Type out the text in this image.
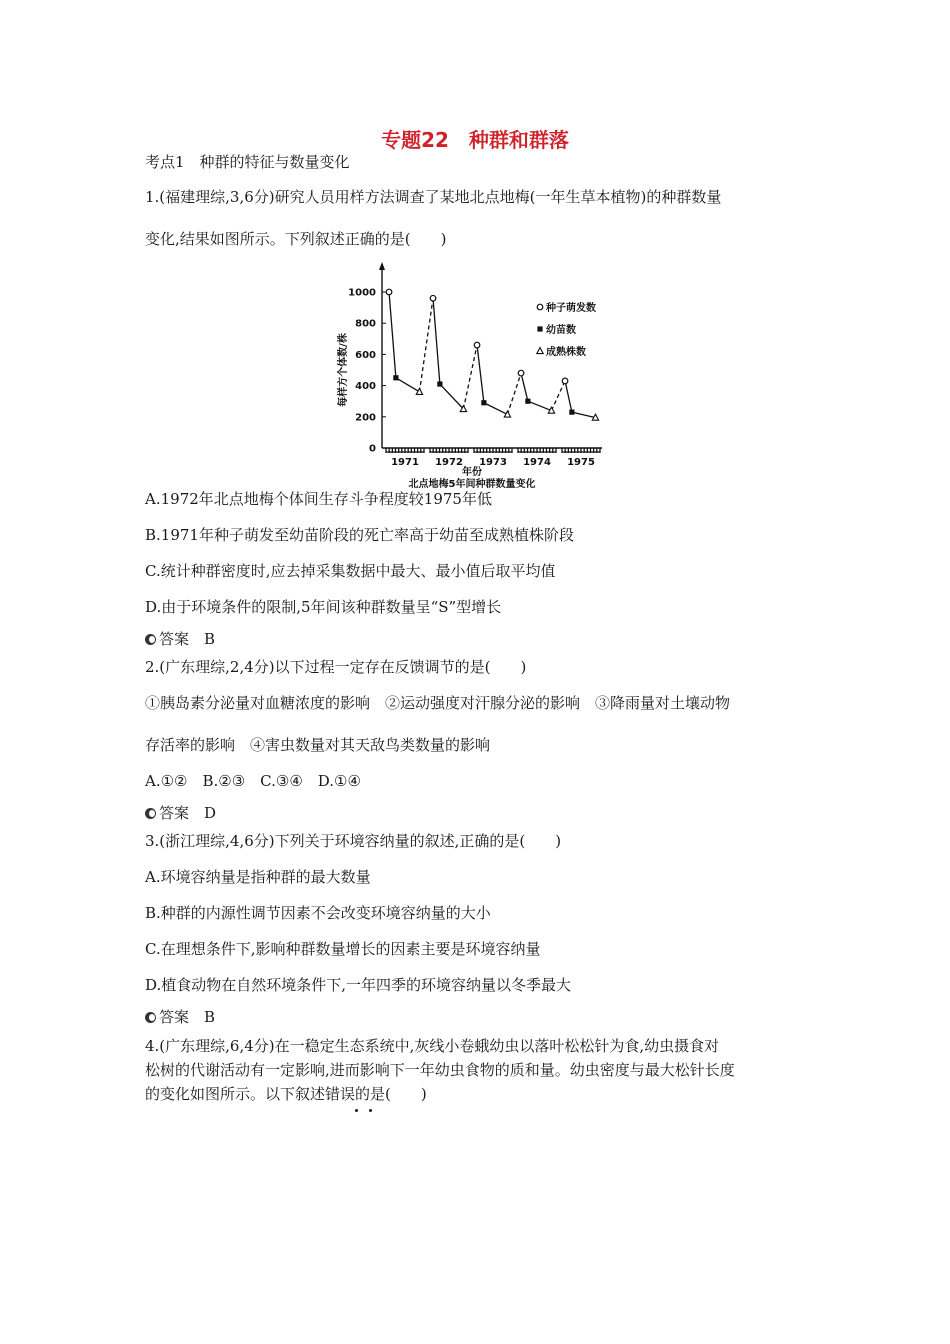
专题22　种群和群落
考点1　种群的特征与数量变化
1.(福建理综,3,6分)研究人员用样方法调查了某地北点地梅(一年生草本植物)的种群数量
变化,结果如图所示。下列叙述正确的是(　　)
0
200
400
600
800
1000
每样方个体数/株
1971 1972 1973 1974 1975
年份
北点地梅5年间种群数量变化
种子萌发数
幼苗数
成熟株数
A.1972年北点地梅个体间生存斗争程度较1975年低
B.1971年种子萌发至幼苗阶段的死亡率高于幼苗至成熟植株阶段
C.统计种群密度时,应去掉采集数据中最大、最小值后取平均值
D.由于环境条件的限制,5年间该种群数量呈“S”型增长
答案　B
2.(广东理综,2,4分)以下过程一定存在反馈调节的是(　　)
①胰岛素分泌量对血糖浓度的影响　②运动强度对汗腺分泌的影响　③降雨量对土壤动物
存活率的影响　④害虫数量对其天敌鸟类数量的影响
A.①②　B.②③　C.③④　D.①④
答案　D
3.(浙江理综,4,6分)下列关于环境容纳量的叙述,正确的是(　　)
A.环境容纳量是指种群的最大数量
B.种群的内源性调节因素不会改变环境容纳量的大小
C.在理想条件下,影响种群数量增长的因素主要是环境容纳量
D.植食动物在自然环境条件下,一年四季的环境容纳量以冬季最大
答案　B
4.(广东理综,6,4分)在一稳定生态系统中,灰线小卷蛾幼虫以落叶松松针为食,幼虫摄食对
松树的代谢活动有一定影响,进而影响下一年幼虫食物的质和量。幼虫密度与最大松针长度
的变化如图所示。以下叙述错误的是(　　)
